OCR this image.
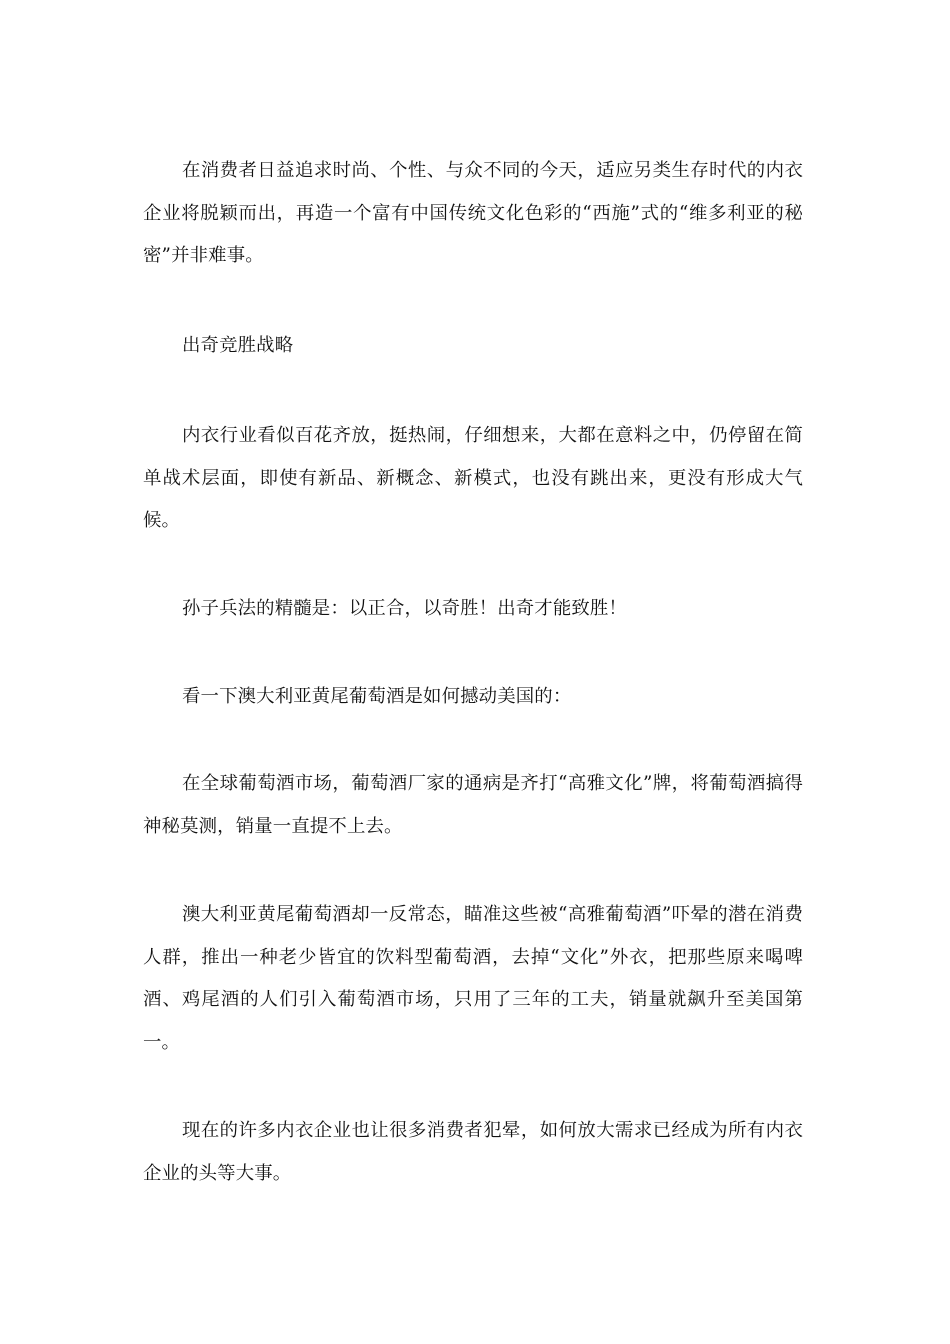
在消费者日益追求时尚、个性、与众不同的今天，适应另类生存时代的内衣企业将脱颖而出，再造一个富有中国传统文化色彩的“西施”式的“维多利亚的秘密”并非难事。

出奇竞胜战略

内衣行业看似百花齐放，挺热闹，仔细想来，大都在意料之中，仍停留在简单战术层面，即使有新品、新概念、新模式，也没有跳出来，更没有形成大气候。

孙子兵法的精髓是：以正合，以奇胜！出奇才能致胜！

看一下澳大利亚黄尾葡萄酒是如何撼动美国的：

在全球葡萄酒市场，葡萄酒厂家的通病是齐打“高雅文化”牌，将葡萄酒搞得神秘莫测，销量一直提不上去。

澳大利亚黄尾葡萄酒却一反常态，瞄准这些被“高雅葡萄酒”吓晕的潜在消费人群，推出一种老少皆宜的饮料型葡萄酒，去掉“文化”外衣，把那些原来喝啤酒、鸡尾酒的人们引入葡萄酒市场，只用了三年的工夫，销量就飙升至美国第一。

现在的许多内衣企业也让很多消费者犯晕，如何放大需求已经成为所有内衣企业的头等大事。
